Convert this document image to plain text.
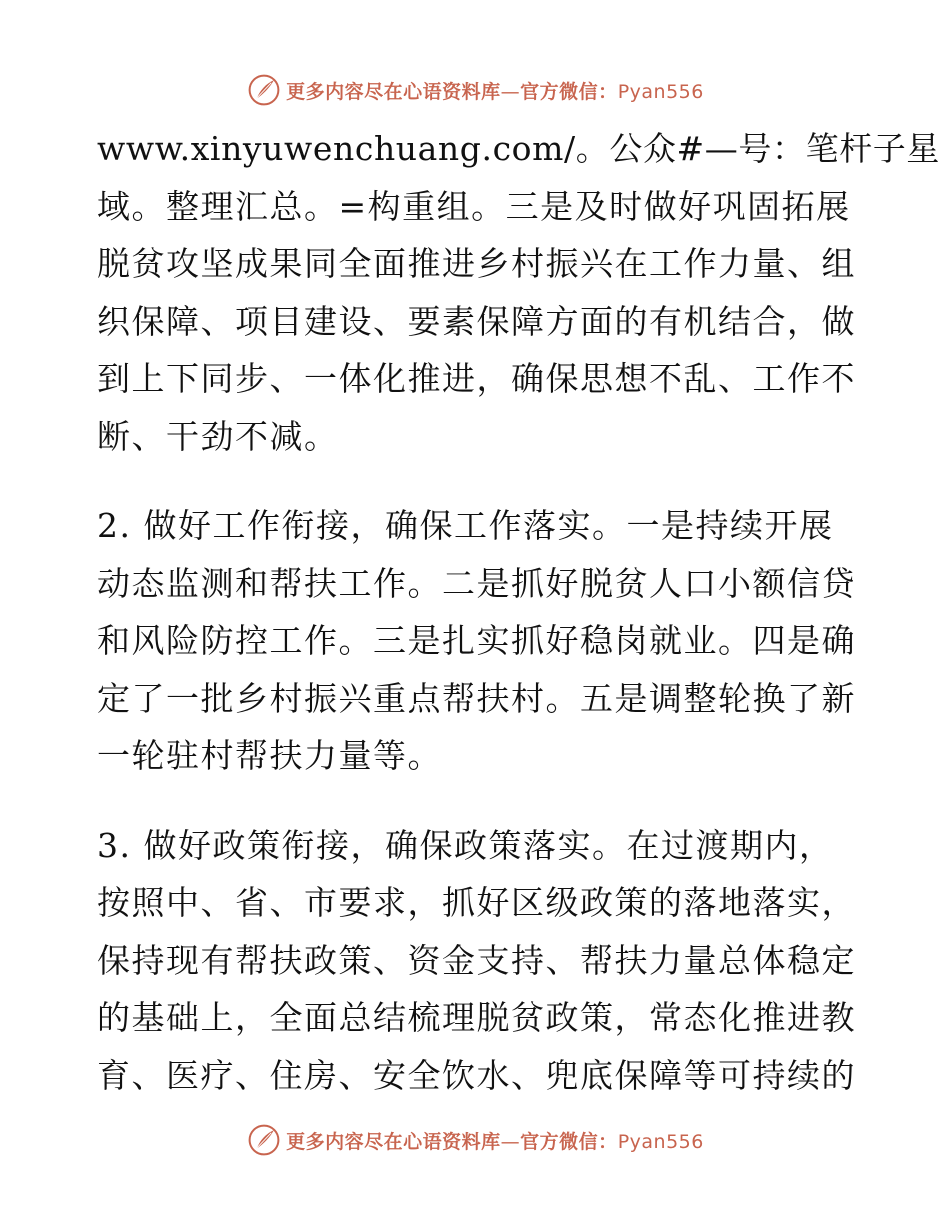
更多内容尽在心语资料库—官方微信：Pyan556
www.xinyuwenchuang.com/。公众#—号：笔杆子星
域。整理汇总。=构重组。三是及时做好巩固拓展
脱贫攻坚成果同全面推进乡村振兴在工作力量、组
织保障、项目建设、要素保障方面的有机结合，做
到上下同步、一体化推进，确保思想不乱、工作不
断、干劲不减。
2. 做好工作衔接，确保工作落实。一是持续开展
动态监测和帮扶工作。二是抓好脱贫人口小额信贷
和风险防控工作。三是扎实抓好稳岗就业。四是确
定了一批乡村振兴重点帮扶村。五是调整轮换了新
一轮驻村帮扶力量等。
3. 做好政策衔接，确保政策落实。在过渡期内，
按照中、省、市要求，抓好区级政策的落地落实，
保持现有帮扶政策、资金支持、帮扶力量总体稳定
的基础上，全面总结梳理脱贫政策，常态化推进教
育、医疗、住房、安全饮水、兜底保障等可持续的
更多内容尽在心语资料库—官方微信：Pyan556
